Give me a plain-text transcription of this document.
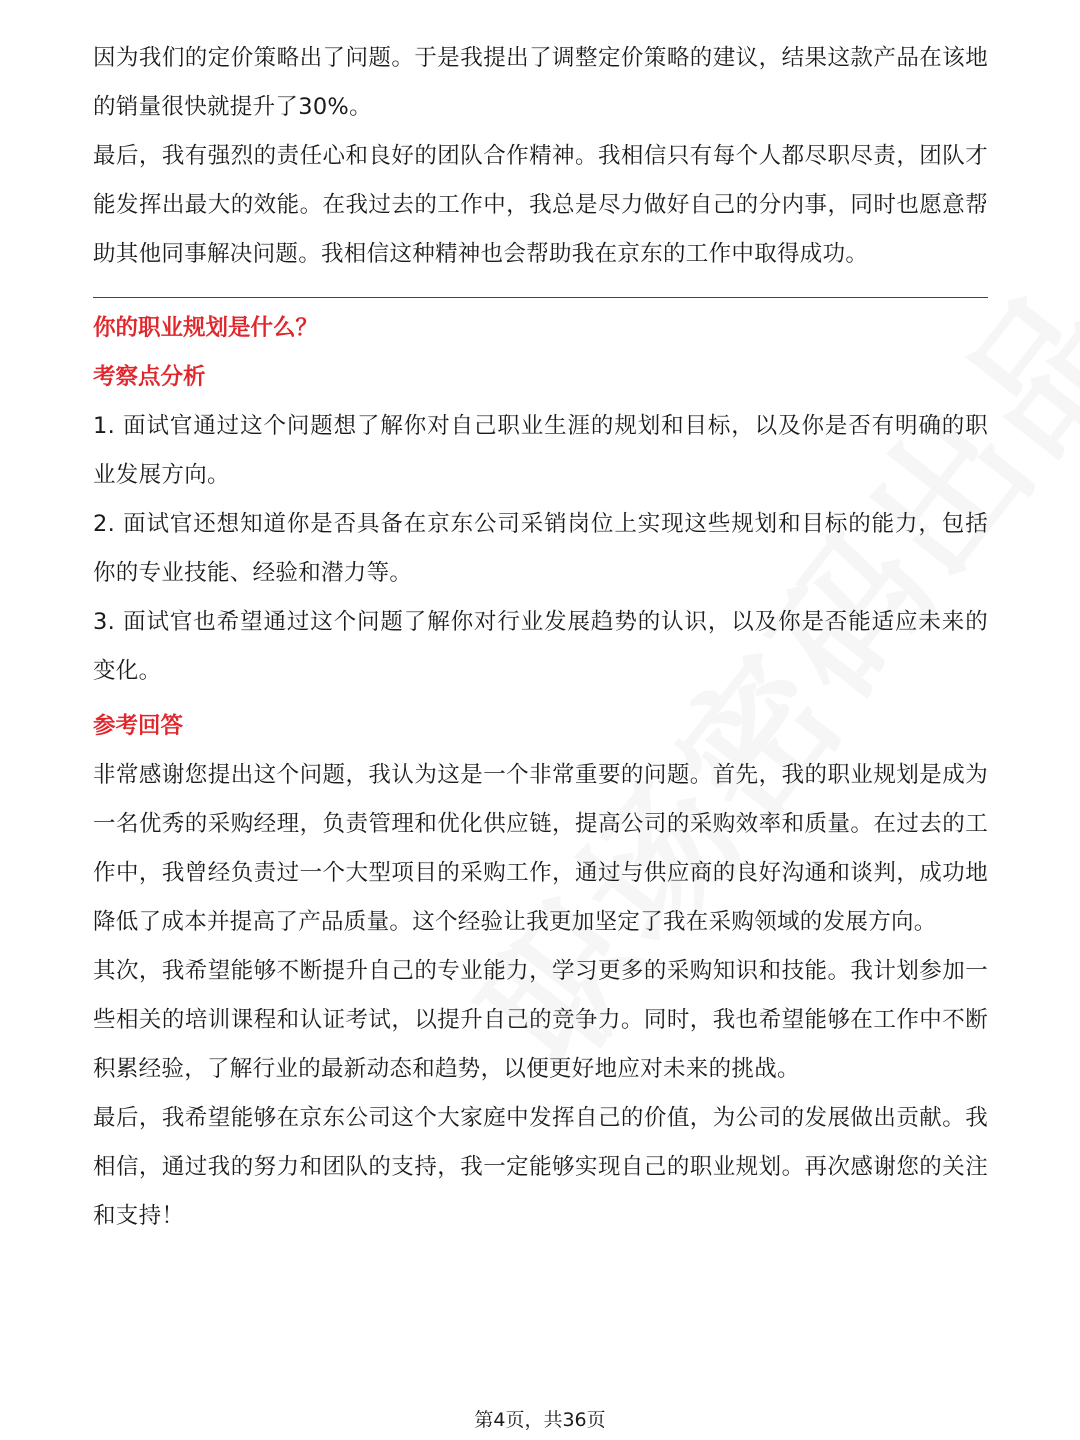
因为我们的定价策略出了问题。于是我提出了调整定价策略的建议，结果这款产品在该地的销量很快就提升了30%。

最后，我有强烈的责任心和良好的团队合作精神。我相信只有每个人都尽职尽责，团队才能发挥出最大的效能。在我过去的工作中，我总是尽力做好自己的分内事，同时也愿意帮助其他同事解决问题。我相信这种精神也会帮助我在京东的工作中取得成功。

你的职业规划是什么？

考察点分析

1. 面试官通过这个问题想了解你对自己职业生涯的规划和目标，以及你是否有明确的职业发展方向。

2. 面试官还想知道你是否具备在京东公司采销岗位上实现这些规划和目标的能力，包括你的专业技能、经验和潜力等。

3. 面试官也希望通过这个问题了解你对行业发展趋势的认识，以及你是否能适应未来的变化。

参考回答

非常感谢您提出这个问题，我认为这是一个非常重要的问题。首先，我的职业规划是成为一名优秀的采购经理，负责管理和优化供应链，提高公司的采购效率和质量。在过去的工作中，我曾经负责过一个大型项目的采购工作，通过与供应商的良好沟通和谈判，成功地降低了成本并提高了产品质量。这个经验让我更加坚定了我在采购领域的发展方向。

其次，我希望能够不断提升自己的专业能力，学习更多的采购知识和技能。我计划参加一些相关的培训课程和认证考试，以提升自己的竞争力。同时，我也希望能够在工作中不断积累经验，了解行业的最新动态和趋势，以便更好地应对未来的挑战。

最后，我希望能够在京东公司这个大家庭中发挥自己的价值，为公司的发展做出贡献。我相信，通过我的努力和团队的支持，我一定能够实现自己的职业规划。再次感谢您的关注和支持！

第4页，共36页
